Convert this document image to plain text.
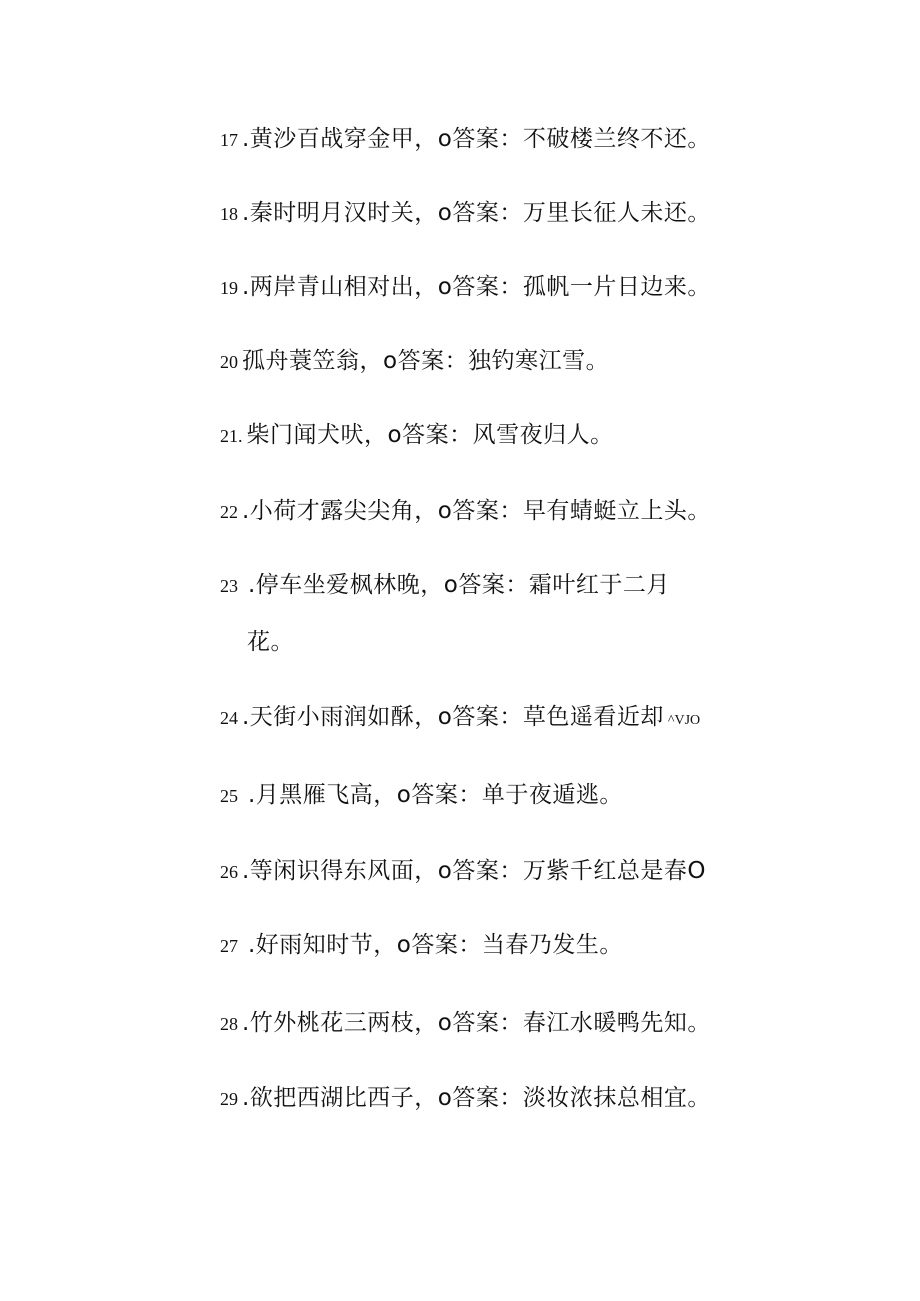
17 .黄沙百战穿金甲，o答案：不破楼兰终不还。
18 .秦时明月汉时关，o答案：万里长征人未还。
19 .两岸青山相对出，o答案：孤帆一片日边来。
20 孤舟蓑笠翁，o答案：独钓寒江雪。
21. 柴门闻犬吠，o答案：风雪夜归人。
22 .小荷才露尖尖角，o答案：早有蜻蜓立上头。
23 .停车坐爱枫林晚，o答案：霜叶红于二月
花。
24 .天街小雨润如酥，o答案：草色遥看近却 ^VJO
25 .月黑雁飞高，o答案：单于夜遁逃。
26 .等闲识得东风面，o答案：万紫千红总是春O
27 .好雨知时节，o答案：当春乃发生。
28 .竹外桃花三两枝，o答案：春江水暖鸭先知。
29 .欲把西湖比西子，o答案：淡妆浓抹总相宜。
